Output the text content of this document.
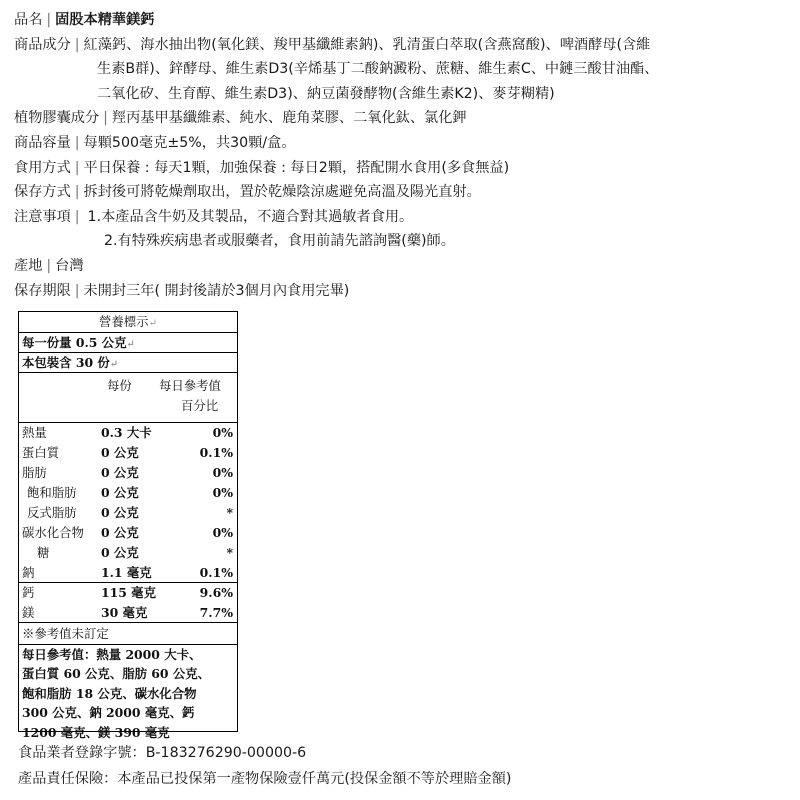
品名 | 固股本精華鎂鈣
商品成分 | 紅藻鈣、海水抽出物(氧化鎂、羧甲基纖維素鈉)、乳清蛋白萃取(含燕窩酸)、啤酒酵母(含維
生素B群)、鋅酵母、維生素D3(辛烯基丁二酸鈉澱粉、蔗糖、維生素C、中鏈三酸甘油酯、
二氧化矽、生育醇、維生素D3)、納豆菌發酵物(含維生素K2)、麥芽糊精)
植物膠囊成分 | 羥丙基甲基纖維素、純水、鹿角菜膠、二氧化鈦、氯化鉀
商品容量 | 每顆500毫克±5%，共30顆/盒。
食用方式 | 平日保養 : 每天1顆，加強保養 : 每日2顆，搭配開水食用(多食無益)
保存方式 | 拆封後可將乾燥劑取出，置於乾燥陰涼處避免高溫及陽光直射。
注意事項 | 1.本產品含牛奶及其製品，不適合對其過敏者食用。
2.有特殊疾病患者或服藥者，食用前請先諮詢醫(藥)師。
產地 | 台灣
保存期限 | 未開封三年( 開封後請於3個月內食用完畢)
營養標示↵
每一份量 0.5 公克↵
本包裝含 30 份↵
每份 每日參考值
百分比
熱量	0.3 大卡	0%
蛋白質	0 公克	0.1%
脂肪	0 公克	0%
飽和脂肪 0 公克	0%
反式脂肪 0 公克	*
碳水化合物 0 公克	0%
糖	0 公克	*
鈉	1.1 毫克	0.1%
鈣	115 毫克	9.6%
鎂	30 毫克	7.7%
※參考值未訂定
每日參考值：熱量 2000 大卡、
蛋白質 60 公克、脂肪 60 公克、
飽和脂肪 18 公克、碳水化合物
300 公克、鈉 2000 毫克、鈣
1200 毫克、鎂 390 毫克
食品業者登錄字號：B-183276290-00000-6
產品責任保險：本產品已投保第一產物保險壹仟萬元(投保金額不等於理賠金額)
